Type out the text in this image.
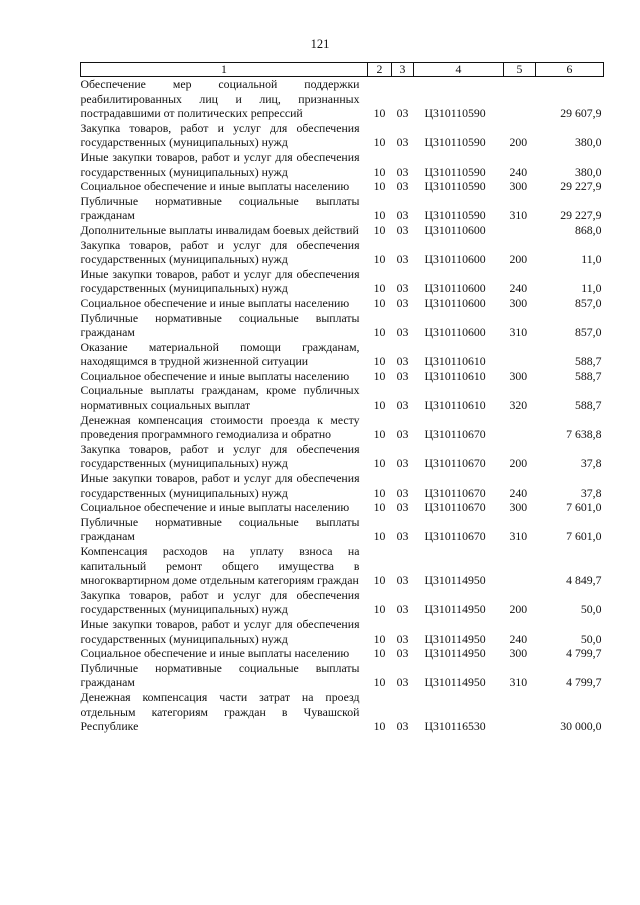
121
1	2	3	4	5	6
Обеспечение мер социальной поддержки реабилитированных лиц и лиц, признанных пострадавшими от политических репрессий	10	03	Ц310110590		29 607,9
Закупка товаров, работ и услуг для обеспечения государственных (муниципальных) нужд	10	03	Ц310110590	200	380,0
Иные закупки товаров, работ и услуг для обеспечения государственных (муниципальных) нужд	10	03	Ц310110590	240	380,0
Социальное обеспечение и иные выплаты населению	10	03	Ц310110590	300	29 227,9
Публичные нормативные социальные выплаты гражданам	10	03	Ц310110590	310	29 227,9
Дополнительные выплаты инвалидам боевых действий	10	03	Ц310110600		868,0
Закупка товаров, работ и услуг для обеспечения государственных (муниципальных) нужд	10	03	Ц310110600	200	11,0
Иные закупки товаров, работ и услуг для обеспечения государственных (муниципальных) нужд	10	03	Ц310110600	240	11,0
Социальное обеспечение и иные выплаты населению	10	03	Ц310110600	300	857,0
Публичные нормативные социальные выплаты гражданам	10	03	Ц310110600	310	857,0
Оказание материальной помощи гражданам, находящимся в трудной жизненной ситуации	10	03	Ц310110610		588,7
Социальное обеспечение и иные выплаты населению	10	03	Ц310110610	300	588,7
Социальные выплаты гражданам, кроме публичных нормативных социальных выплат	10	03	Ц310110610	320	588,7
Денежная компенсация стоимости проезда к месту проведения программного гемодиализа и обратно	10	03	Ц310110670		7 638,8
Закупка товаров, работ и услуг для обеспечения государственных (муниципальных) нужд	10	03	Ц310110670	200	37,8
Иные закупки товаров, работ и услуг для обеспечения государственных (муниципальных) нужд	10	03	Ц310110670	240	37,8
Социальное обеспечение и иные выплаты населению	10	03	Ц310110670	300	7 601,0
Публичные нормативные социальные выплаты гражданам	10	03	Ц310110670	310	7 601,0
Компенсация расходов на уплату взноса на капитальный ремонт общего имущества в многоквартирном доме отдельным категориям граждан	10	03	Ц310114950		4 849,7
Закупка товаров, работ и услуг для обеспечения государственных (муниципальных) нужд	10	03	Ц310114950	200	50,0
Иные закупки товаров, работ и услуг для обеспечения государственных (муниципальных) нужд	10	03	Ц310114950	240	50,0
Социальное обеспечение и иные выплаты населению	10	03	Ц310114950	300	4 799,7
Публичные нормативные социальные выплаты гражданам	10	03	Ц310114950	310	4 799,7
Денежная компенсация части затрат на проезд отдельным категориям граждан в Чувашской Республике	10	03	Ц310116530		30 000,0
